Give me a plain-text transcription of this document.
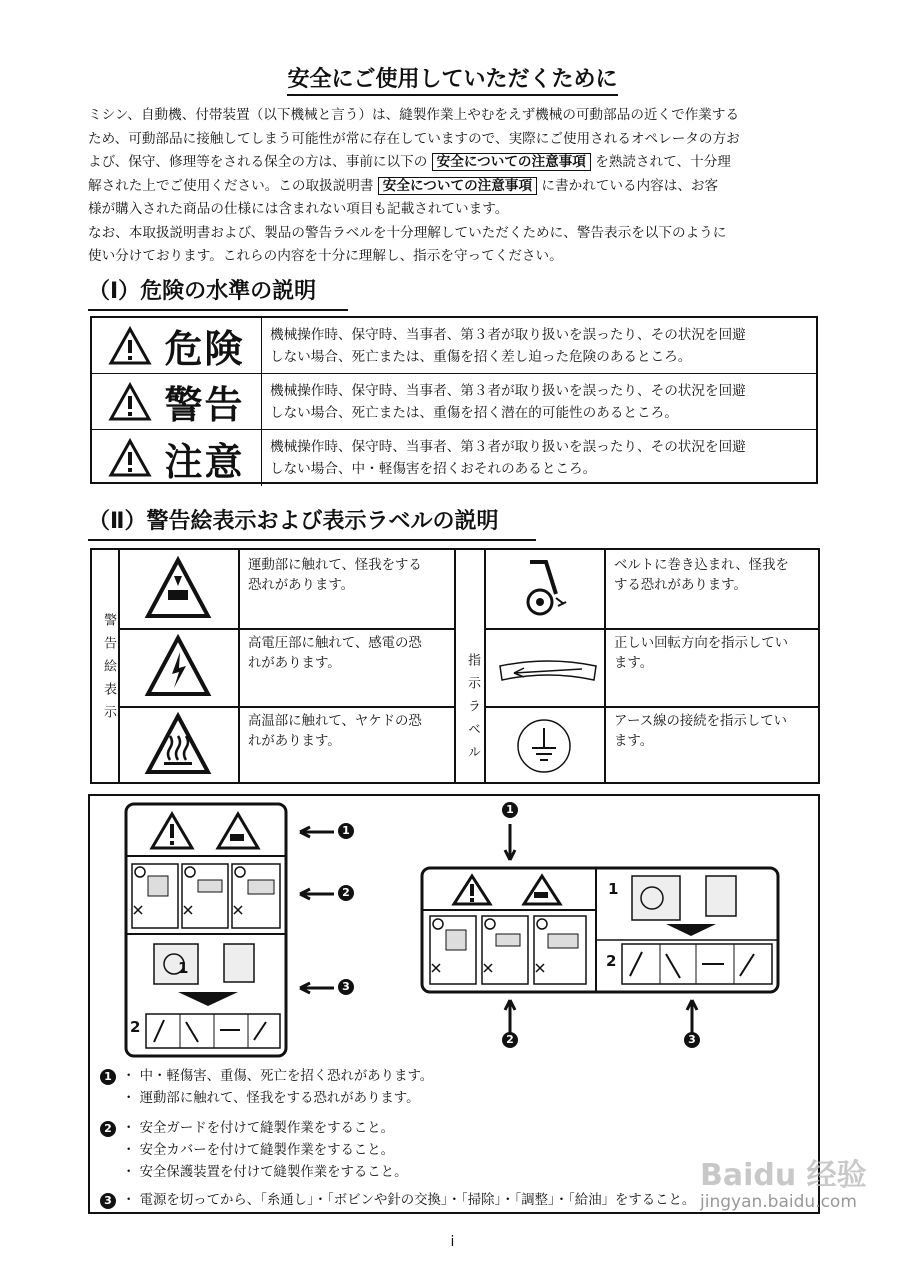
安全にご使用していただくために

ミシン、自動機、付帯装置（以下機械と言う）は、縫製作業上やむをえず機械の可動部品の近くで作業する

ため、可動部品に接触してしまう可能性が常に存在していますので、実際にご使用されるオペレータの方お

よび、保守、修理等をされる保全の方は、事前に以下の 安全についての注意事項 を熟読されて、十分理

解された上でご使用ください。この取扱説明書 安全についての注意事項 に書かれている内容は、お客

様が購入された商品の仕様には含まれない項目も記載されています。

なお、本取扱説明書および、製品の警告ラベルを十分理解していただくために、警告表示を以下のように

使い分けております。これらの内容を十分に理解し、指示を守ってください。

（Ⅰ）危険の水準の説明
危険 機械操作時、保守時、当事者、第３者が取り扱いを誤ったり、その状況を回避
しない場合、死亡または、重傷を招く差し迫った危険のあるところ。
警告 機械操作時、保守時、当事者、第３者が取り扱いを誤ったり、その状況を回避
しない場合、死亡または、重傷を招く潜在的可能性のあるところ。
注意 機械操作時、保守時、当事者、第３者が取り扱いを誤ったり、その状況を回避
しない場合、中・軽傷害を招くおそれのあるところ。
（Ⅱ）警告絵表示および表示ラベルの説明
警告絵表示	指示ラベル
運動部に触れて、怪我をする
恐れがあります。
高電圧部に触れて、感電の恐
れがあります。
高温部に触れて、ヤケドの恐
れがあります。
ベルトに巻き込まれ、怪我を
する恐れがあります。
正しい回転方向を指示してい
ます。
アース線の接続を指示してい
ます。
1
2
1
2
3
1
2
1
2	3
1 ・ 中・軽傷害、重傷、死亡を招く恐れがあります。
・ 運動部に触れて、怪我をする恐れがあります。
2 ・ 安全ガードを付けて縫製作業をすること。
・ 安全カバーを付けて縫製作業をすること。
・ 安全保護装置を付けて縫製作業をすること。
3 ・ 電源を切ってから、「糸通し」・「ボビンや針の交換」・「掃除」・「調整」・「給油」をすること。
Baidu 经验
jingyan.baidu.com
i
